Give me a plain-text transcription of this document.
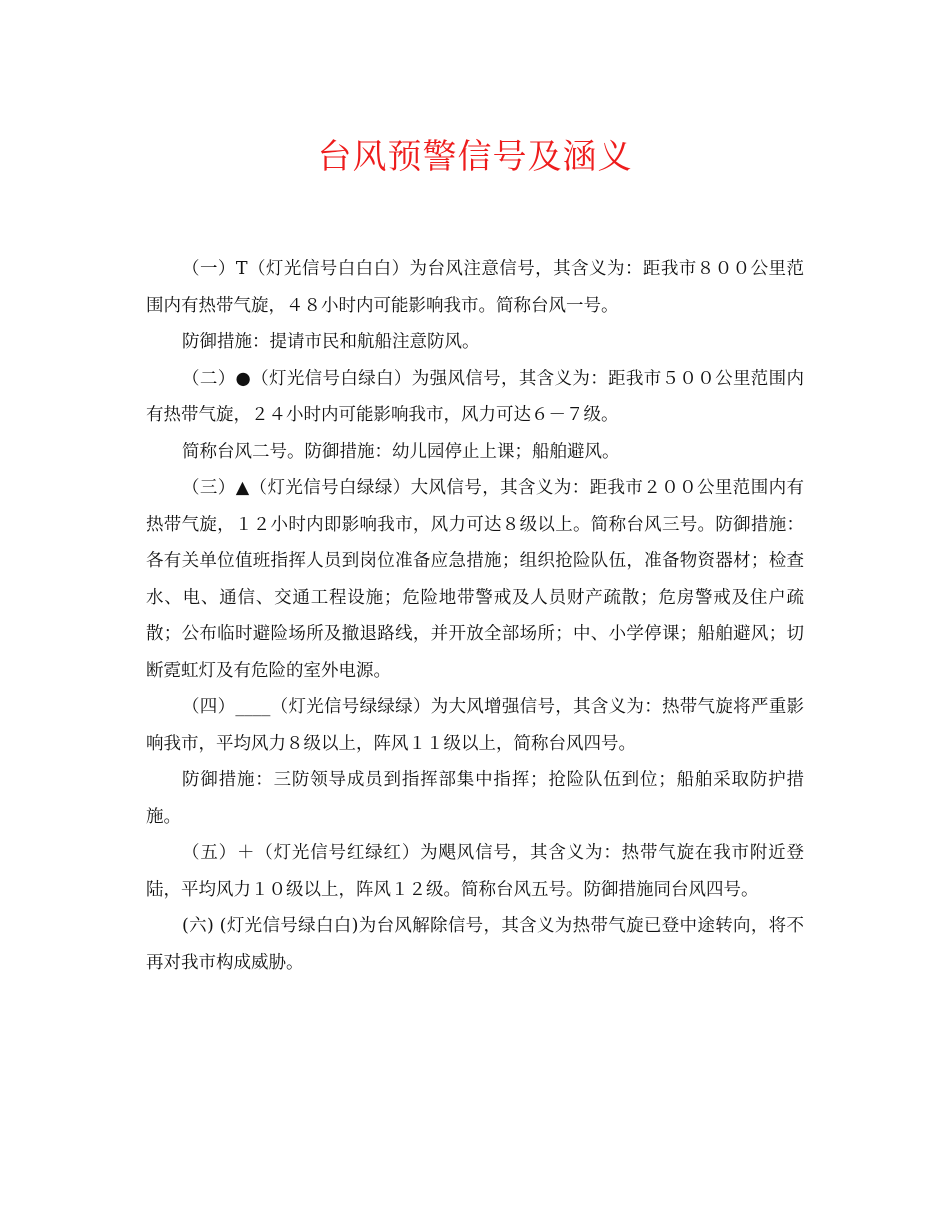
台风预警信号及涵义

（一）T（灯光信号白白白）为台风注意信号，其含义为：距我市８００公里范围内有热带气旋，４８小时内可能影响我市。简称台风一号。

防御措施：提请市民和航船注意防风。

（二）●（灯光信号白绿白）为强风信号，其含义为：距我市５００公里范围内有热带气旋，２４小时内可能影响我市，风力可达６－７级。

简称台风二号。防御措施：幼儿园停止上课；船舶避风。

（三）▲（灯光信号白绿绿）大风信号，其含义为：距我市２００公里范围内有热带气旋，１２小时内即影响我市，风力可达８级以上。简称台风三号。防御措施：各有关单位值班指挥人员到岗位准备应急措施；组织抢险队伍，准备物资器材；检查水、电、通信、交通工程设施；危险地带警戒及人员财产疏散；危房警戒及住户疏散；公布临时避险场所及撤退路线，并开放全部场所；中、小学停课；船舶避风；切断霓虹灯及有危险的室外电源。

（四）____（灯光信号绿绿绿）为大风增强信号，其含义为：热带气旋将严重影响我市，平均风力８级以上，阵风１１级以上，简称台风四号。

防御措施：三防领导成员到指挥部集中指挥；抢险队伍到位；船舶采取防护措施。

（五）＋（灯光信号红绿红）为飓风信号，其含义为：热带气旋在我市附近登陆，平均风力１０级以上，阵风１２级。简称台风五号。防御措施同台风四号。

(六) (灯光信号绿白白)为台风解除信号，其含义为热带气旋已登中途转向，将不再对我市构成威胁。
